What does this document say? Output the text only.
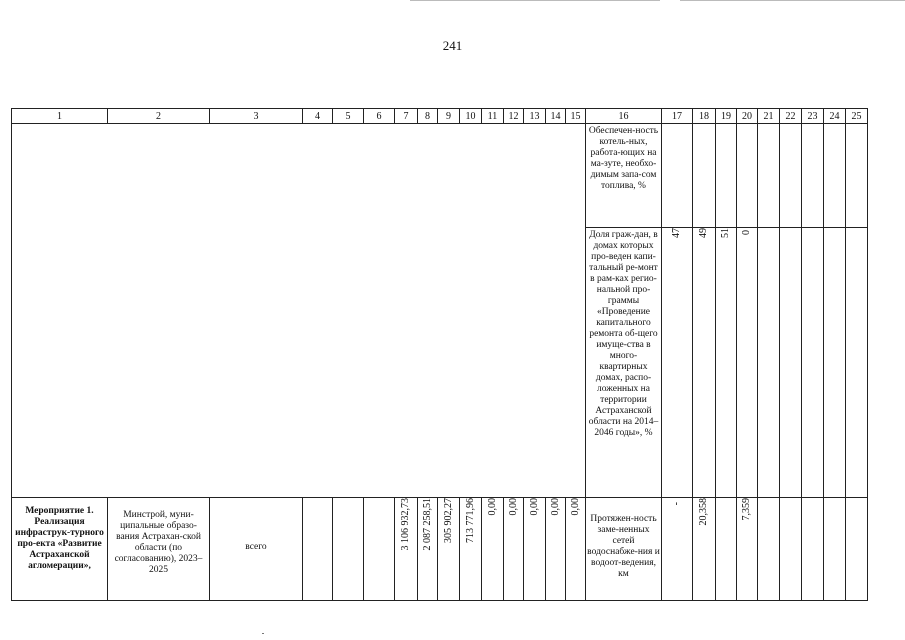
241
1	2	3	4	5	6	7	8	9	10	11	12	13	14	15	16	17	18	19	20	21	22	23	24	25

															Обеспечен-ность котель-ных, работа-ющих на ма-зуте, необхо-димым запа-сом топлива, %									

															Доля граж-дан, в домах которых про-веден капи-тальный ре-монт в рам-ках регио-нальной про-граммы «Проведение капитального ремонта об-щего имуще-ства в много-квартирных домах, распо-ложенных на территории Астраханской области на 2014–2046 годы», %	47	49	51	0					

Мероприятие 1. Реализация инфраструк-турного про-екта «Развитие Астраханской агломерации»,	Минстрой, муни-ципальные образо-вания Астрахан-ской области (по согласованию), 2023–2025	всего				3 106 932,73	2 087 258,51	305 902,27	713 771,96	0,00	0,00	0,00	0,00	0,00	Протяжен-ность заме-ненных сетей водоснабже-ния и водоот-ведения, км	-	20,358		7,359					
